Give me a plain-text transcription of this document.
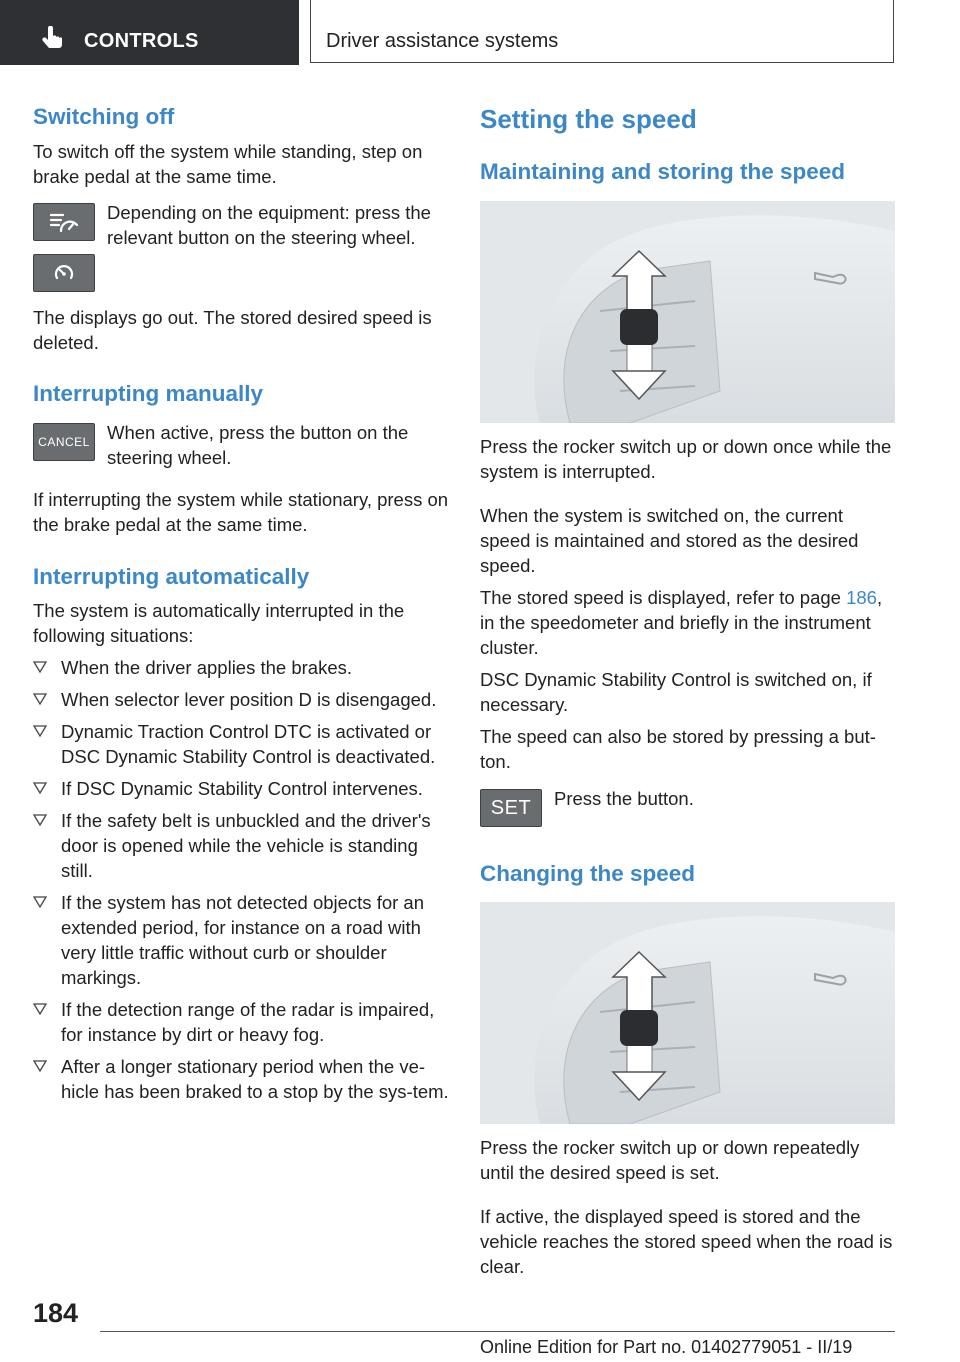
CONTROLS	Driver assistance systems
Switching off

To switch off the system while standing, step on brake pedal at the same time.

Depending on the equipment: press the relevant button on the steering wheel.

The displays go out. The stored desired speed is deleted.

Interrupting manually
CANCEL When active, press the button on the steering wheel.

If interrupting the system while stationary, press on the brake pedal at the same time.

Interrupting automatically

The system is automatically interrupted in the following situations:

When the driver applies the brakes.
When selector lever position D is disengaged.
Dynamic Traction Control DTC is activated or DSC Dynamic Stability Control is deactivated.
If DSC Dynamic Stability Control intervenes.
If the safety belt is unbuckled and the driver's door is opened while the vehicle is standing still.
If the system has not detected objects for an extended period, for instance on a road with very little traffic without curb or shoulder markings.
If the detection range of the radar is impaired, for instance by dirt or heavy fog.
After a longer stationary period when the ve‐hicle has been braked to a stop by the sys‐tem.
Setting the speed
Maintaining and storing the speed

Press the rocker switch up or down once while the system is interrupted.

When the system is switched on, the current speed is maintained and stored as the desired speed.

The stored speed is displayed, refer to page 186, in the speedometer and briefly in the instrument cluster.

DSC Dynamic Stability Control is switched on, if necessary.

The speed can also be stored by pressing a but‐ton.

SET Press the button.

Changing the speed

Press the rocker switch up or down repeatedly until the desired speed is set.

If active, the displayed speed is stored and the vehicle reaches the stored speed when the road is clear.

184
Online Edition for Part no. 01402779051 - II/19
